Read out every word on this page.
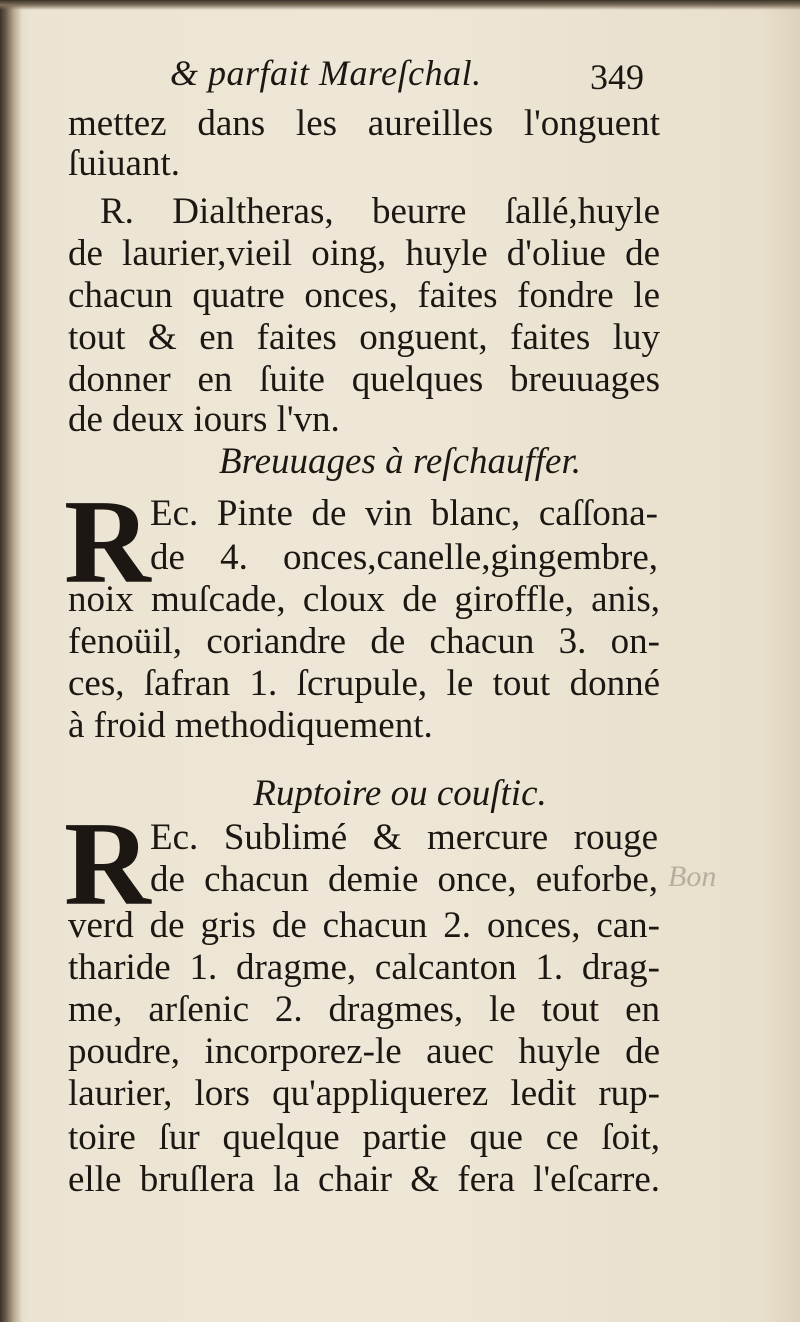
& parfait Mareſchal.	349
mettez dans les aureilles l'onguent
ſuiuant.
R. Dialtheras, beurre ſallé,huyle
de laurier,vieil oing, huyle d'oliue de
chacun quatre onces, faites fondre le
tout & en faites onguent, faites luy
donner en ſuite quelques breuuages
de deux iours l'vn.
Breuuages à reſchauffer.
R Ec. Pinte de vin blanc, caſſona-
de 4. onces,canelle,gingembre,
noix muſcade, cloux de giroffle, anis,
fenoüil, coriandre de chacun 3. on-
ces, ſafran 1. ſcrupule, le tout donné
à froid methodiquement.
Ruptoire ou couſtic.
R Ec. Sublimé & mercure rouge
de chacun demie once, euforbe,
verd de gris de chacun 2. onces, can-
tharide 1. dragme, calcanton 1. drag-
me, arſenic 2. dragmes, le tout en
poudre, incorporez-le auec huyle de
laurier, lors qu'appliquerez ledit rup-
toire ſur quelque partie que ce ſoit,
elle bruſlera la chair & fera l'eſcarre.
Bon
